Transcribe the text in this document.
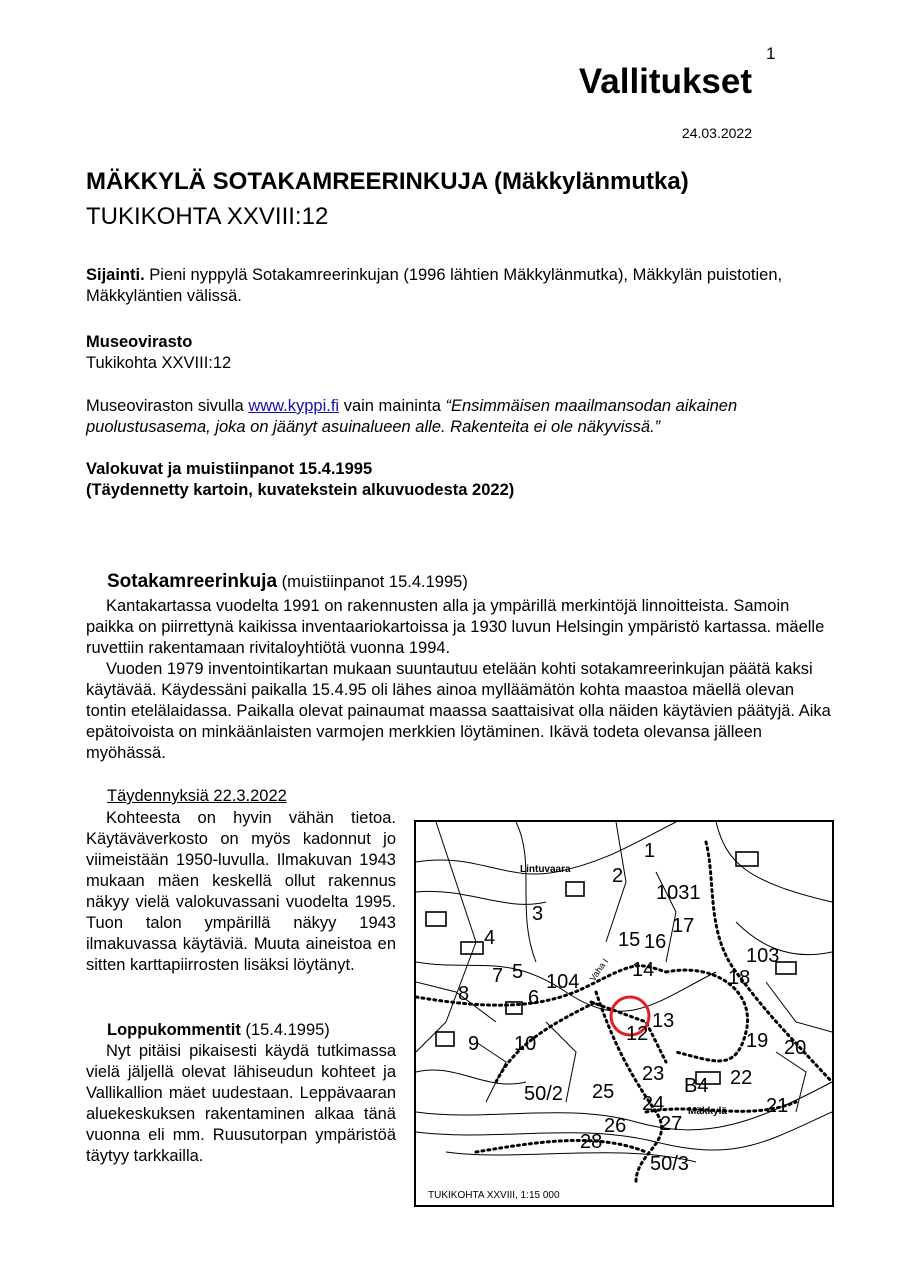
1
Vallitukset
24.03.2022
MÄKKYLÄ SOTAKAMREERINKUJA (Mäkkylänmutka)
TUKIKOHTA XXVIII:12
Sijainti. Pieni nyppylä Sotakamreerinkujan (1996 lähtien Mäkkylänmutka), Mäkkylän puistotien, Mäkkyläntien välissä.
Museovirasto
Tukikohta XXVIII:12
Museoviraston sivulla www.kyppi.fi vain maininta “Ensimmäisen maailmansodan aikainen puolustusasema, joka on jäänyt asuinalueen alle. Rakenteita ei ole näkyvissä.”
Valokuvat ja muistiinpanot 15.4.1995
(Täydennetty kartoin, kuvatekstein alkuvuodesta 2022)
Sotakamreerinkuja (muistiinpanot 15.4.1995)

Kantakartassa vuodelta 1991 on rakennusten alla ja ympärillä merkintöjä linnoitteista. Samoin paikka on piirrettynä kaikissa inventaariokartoissa ja 1930 luvun Helsingin ympäristö kartassa. mäelle ruvettiin rakentamaan rivitaloyhtiötä vuonna 1994.

Vuoden 1979 inventointikartan mukaan suuntautuu etelään kohti sotakamreerinkujan päätä kaksi käytävää. Käydessäni paikalla 15.4.95 oli lähes ainoa mylläämätön kohta maastoa mäellä olevan tontin etelälaidassa. Paikalla olevat painaumat maassa saattaisivat olla näiden käytävien päätyjä. Aika epätoivoista on minkäänlaisten varmojen merkkien löytäminen. Ikävä todeta olevansa jälleen myöhässä.

Täydennyksiä 22.3.2022

Kohteesta on hyvin vähän tietoa. Käytäväverkosto on myös kadonnut jo viimeistään 1950-luvulla. Ilmakuvan 1943 mukaan mäen keskellä ollut rakennus näkyy vielä valokuvassani vuodelta 1995. Tuon talon ympärillä näkyy 1943 ilmakuvassa käytäviä. Muuta aineistoa en sitten karttapiirrosten lisäksi löytänyt.

Loppukommentit (15.4.1995)

Nyt pitäisi pikaisesti käydä tutkimassa vielä jäljellä olevat lähiseudun kohteet ja Vallikallion mäet uudestaan. Leppävaaran aluekeskuksen rakentaminen alkaa tänä vuonna eli mm. Ruusutorpan ympäristöä täytyy tarkkailla.

1
2
1031
3
4
5
7
8
104
6
9 10
15 16
17
103
14	18
13
12	19 20
23
B4 22
21
50/2 25
24
27
26
28
50/3
Lintuvaara
Mäkkylä
Vaha I
TUKIKOHTA XXVIII, 1:15 000
